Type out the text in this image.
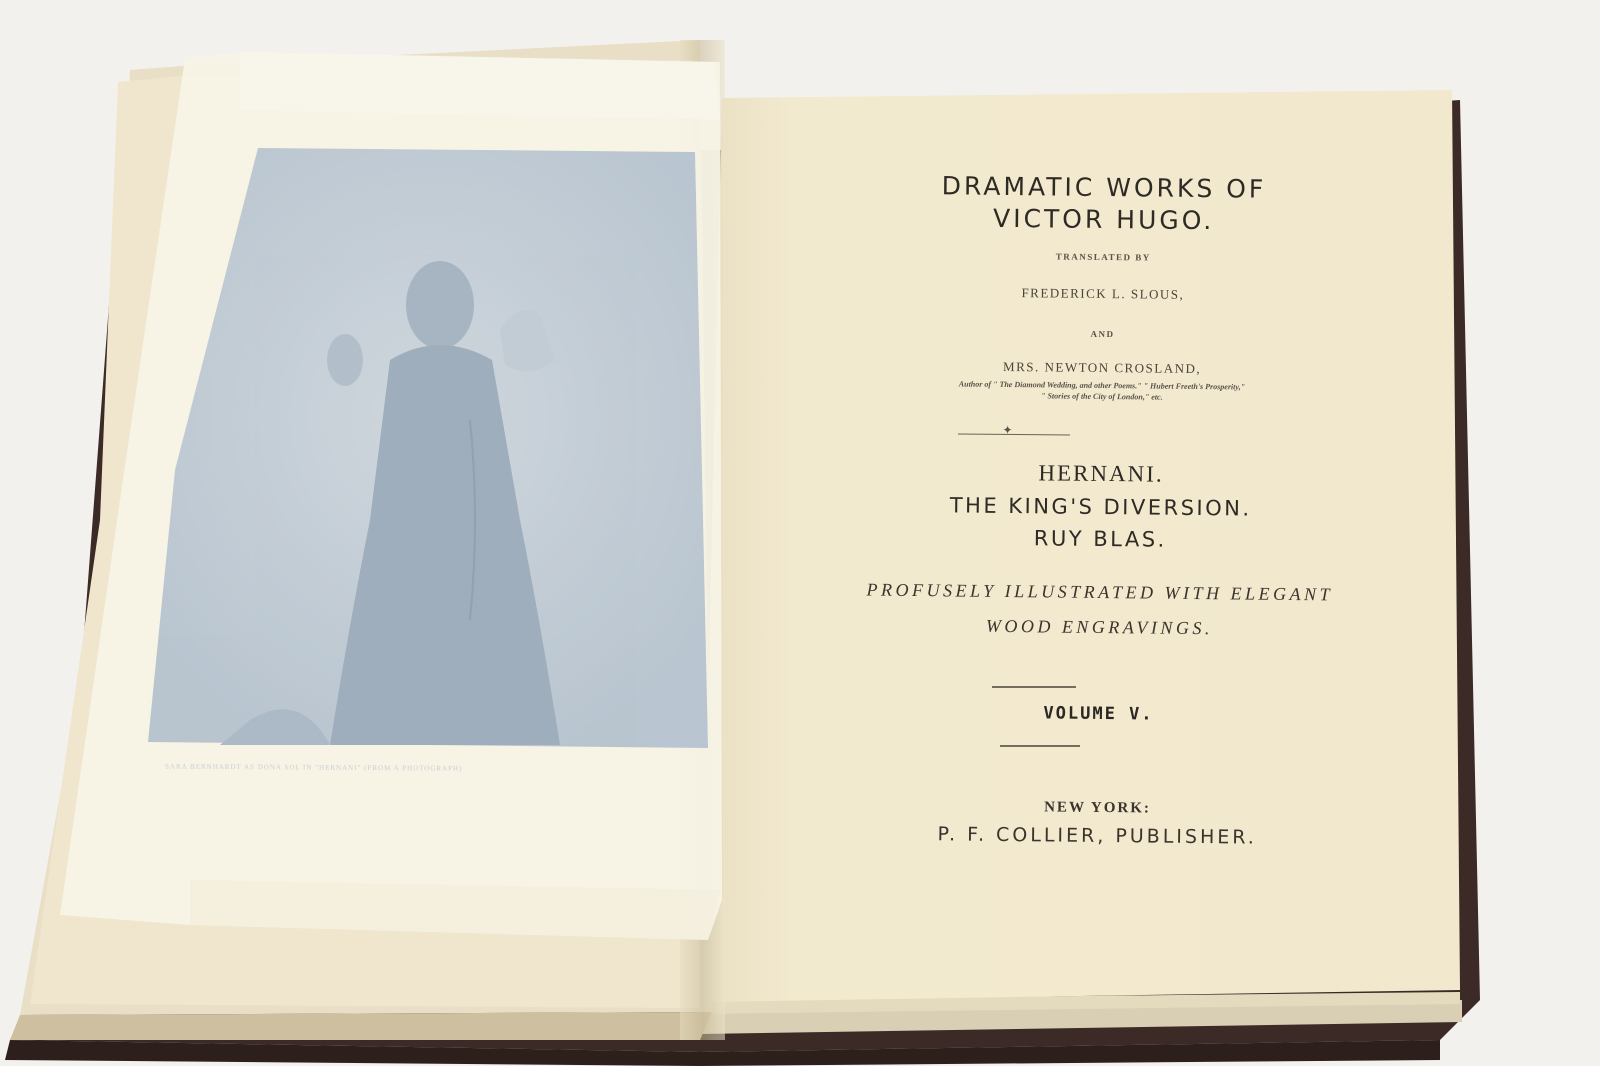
SARA BERNHARDT AS DONA SOL IN "HERNANI" (FROM A PHOTOGRAPH)
DRAMATIC WORKS OF
VICTOR HUGO.
TRANSLATED BY
FREDERICK L. SLOUS,
AND
MRS. NEWTON CROSLAND,
Author of " The Diamond Wedding, and other Poems." " Hubert Freeth's Prosperity,"
" Stories of the City of London," etc.
✦
HERNANI.
THE KING'S DIVERSION.
RUY BLAS.
PROFUSELY ILLUSTRATED WITH ELEGANT
WOOD ENGRAVINGS.
VOLUME V.
NEW YORK:
P. F. COLLIER, PUBLISHER.
